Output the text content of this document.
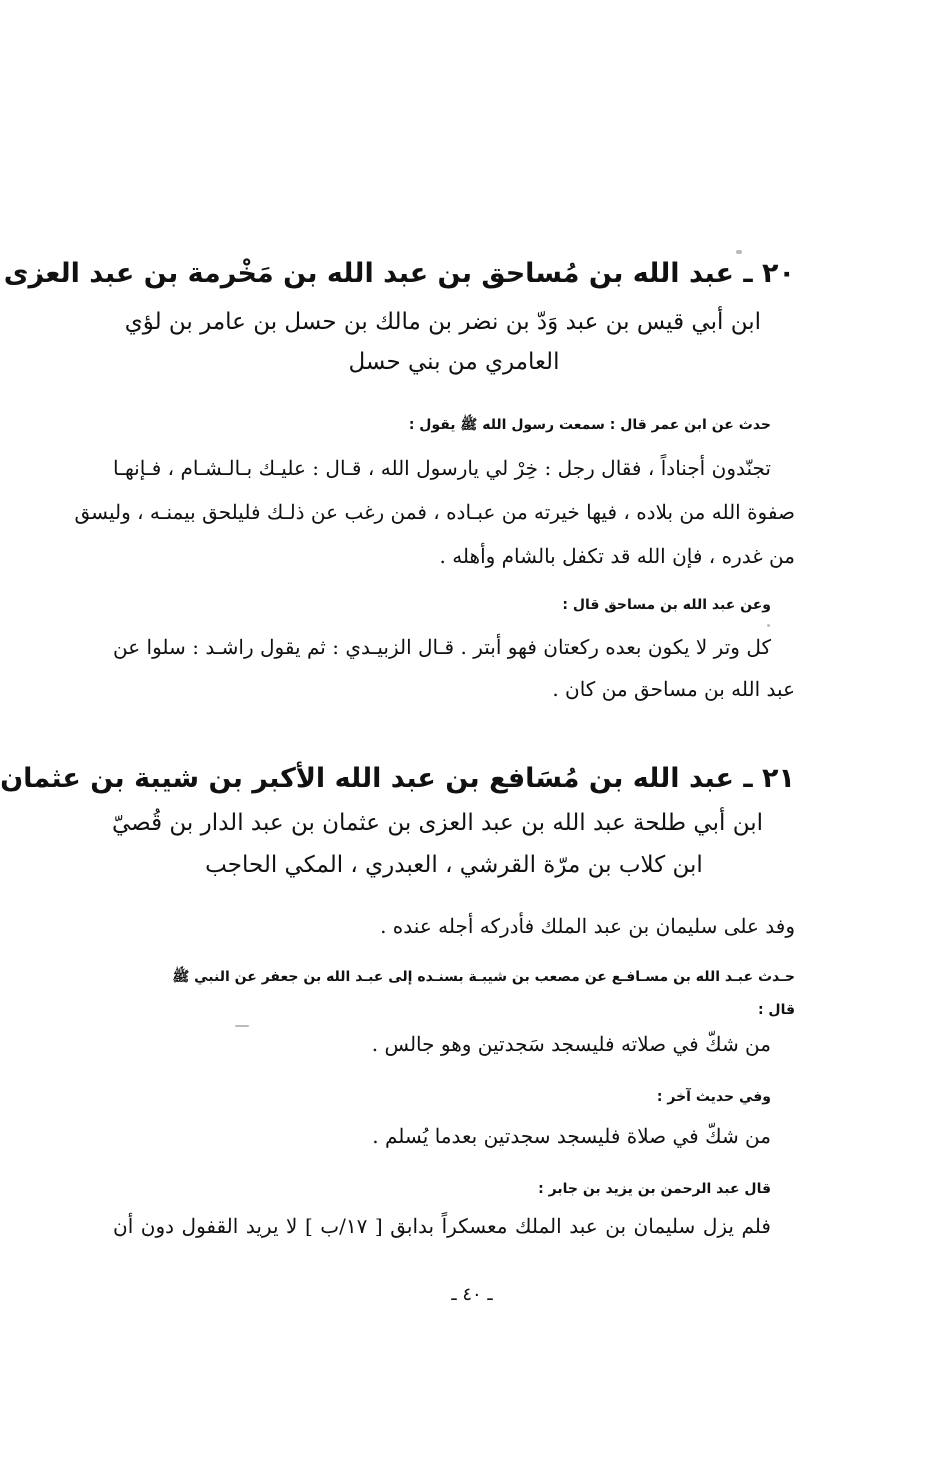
٢٠ ـ عبد الله بن مُساحق بن عبد الله بن مَخْرمة بن عبد العزى
ابن أبي قيس بن عبد وَدّ بن نضر بن مالك بن حسل بن عامر بن لؤي
العامري من بني حسل
حدث عن ابن عمر قال : سمعت رسول الله ﷺ يقول :
تجنّدون أجناداً ، فقال رجل : خِرْ لي يارسول الله ، قـال : عليـك بـالـشـام ، فـإنهـا
صفوة الله من بلاده ، فيها خيرته من عبـاده ، فمن رغب عن ذلـك فليلحق بيمنـه ، وليسق
من غدره ، فإن الله قد تكفل بالشام وأهله .
وعن عبد الله بن مساحق قال :
كل وتر لا يكون بعده ركعتان فهو أبتر . قـال الزبيـدي : ثم يقول راشـد : سلوا عن
عبد الله بن مساحق من كان .
٢١ ـ عبد الله بن مُسَافع بن عبد الله الأكبر بن شيبة بن عثمان
ابن أبي طلحة عبد الله بن عبد العزى بن عثمان بن عبد الدار بن قُصيّ
ابن كلاب بن مرّة القرشي ، العبدري ، المكي الحاجب
وفد على سليمان بن عبد الملك فأدركه أجله عنده .
حـدث عبـد الله بن مسـافـع عن مصعب بن شيبـة بسنـده إلى عبـد الله بن جعفر عن النبي ﷺ
قال :
من شكّ في صلاته فليسجد سَجدتين وهو جالس .
وفي حديث آخر :
من شكّ في صلاة فليسجد سجدتين بعدما يُسلم .
قال عبد الرحمن بن يزيد بن جابر :
فلم يزل سليمان بن عبد الملك معسكراً بدابق [ ١٧/ب ] لا يريد القفول دون أن
ـ ٤٠ ـ
